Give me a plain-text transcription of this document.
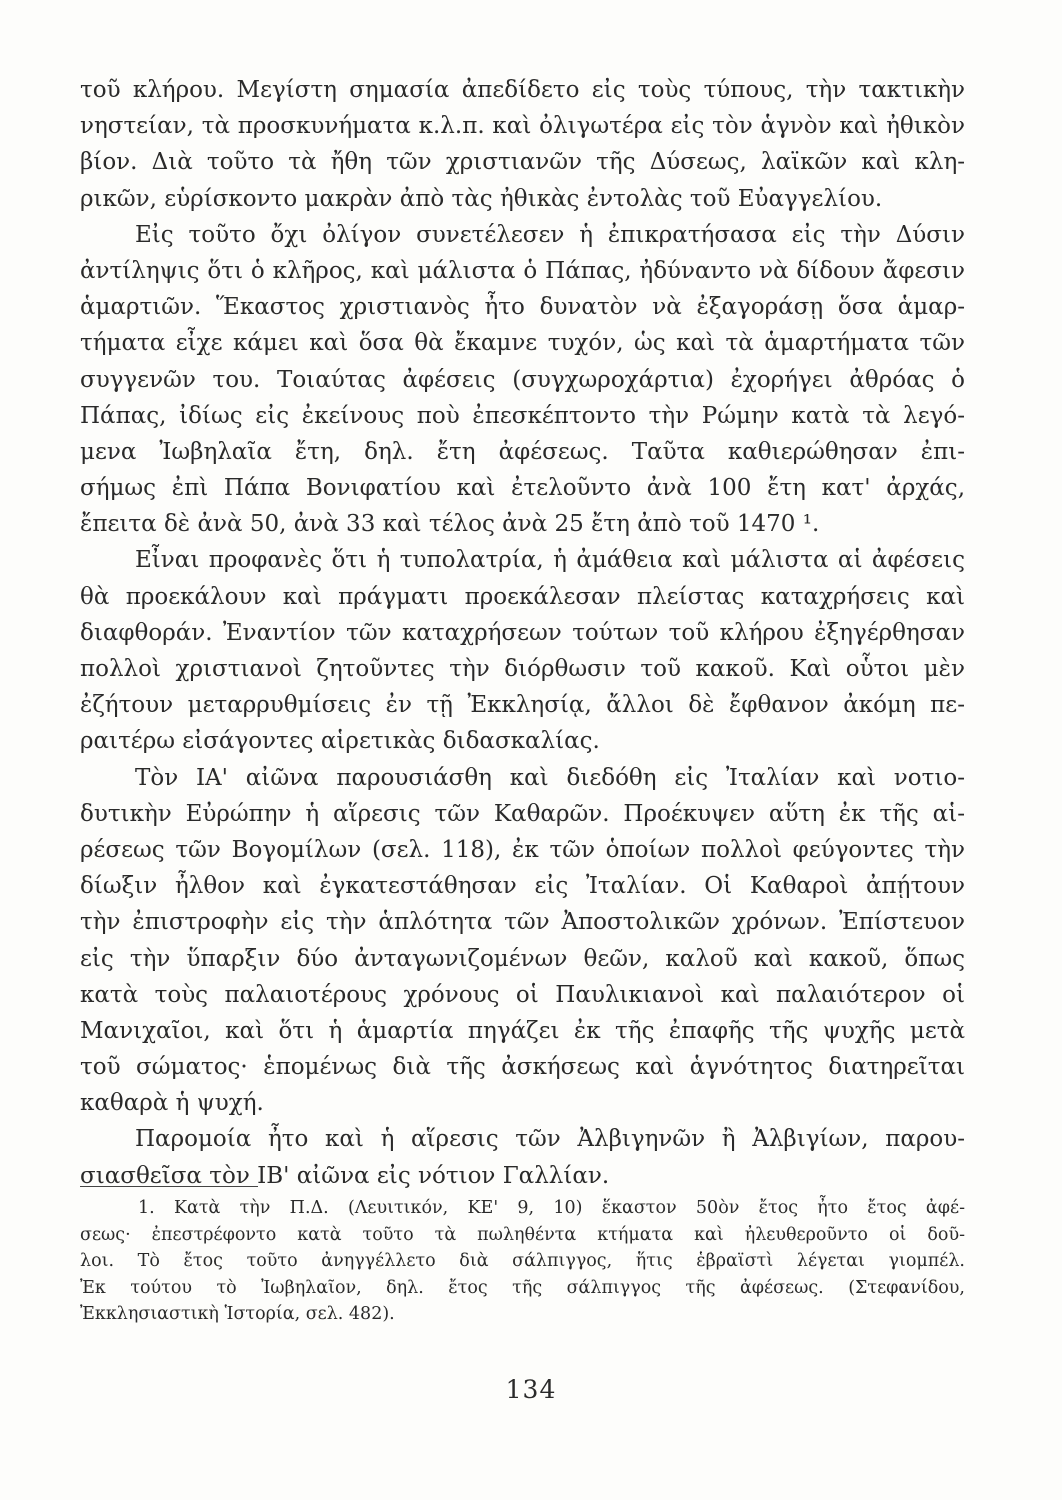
τοῦ κλήρου. Μεγίστη σημασία ἀπεδίδετο εἰς τοὺς τύπους, τὴν τακτικὴν
νηστείαν, τὰ προσκυνήματα κ.λ.π. καὶ ὀλιγωτέρα εἰς τὸν ἁγνὸν καὶ ἠθικὸν
βίον. Διὰ τοῦτο τὰ ἤθη τῶν χριστιανῶν τῆς Δύσεως, λαϊκῶν καὶ κλη-
ρικῶν, εὑρίσκοντο μακρὰν ἀπὸ τὰς ἠθικὰς ἐντολὰς τοῦ Εὐαγγελίου.
Εἰς τοῦτο ὄχι ὀλίγον συνετέλεσεν ἡ ἐπικρατήσασα εἰς τὴν Δύσιν
ἀντίληψις ὅτι ὁ κλῆρος, καὶ μάλιστα ὁ Πάπας, ἠδύναντο νὰ δίδουν ἄφεσιν
ἁμαρτιῶν. Ἕκαστος χριστιανὸς ἦτο δυνατὸν νὰ ἐξαγοράσῃ ὅσα ἁμαρ-
τήματα εἶχε κάμει καὶ ὅσα θὰ ἔκαμνε τυχόν, ὡς καὶ τὰ ἁμαρτήματα τῶν
συγγενῶν του. Τοιαύτας ἀφέσεις (συγχωροχάρτια) ἐχορήγει ἀθρόας ὁ
Πάπας, ἰδίως εἰς ἐκείνους ποὺ ἐπεσκέπτοντο τὴν Ρώμην κατὰ τὰ λεγό-
μενα Ἰωβηλαῖα ἔτη, δηλ. ἔτη ἀφέσεως. Ταῦτα καθιερώθησαν ἐπι-
σήμως ἐπὶ Πάπα Βονιφατίου καὶ ἐτελοῦντο ἀνὰ 100 ἔτη κατ' ἀρχάς,
ἔπειτα δὲ ἀνὰ 50, ἀνὰ 33 καὶ τέλος ἀνὰ 25 ἔτη ἀπὸ τοῦ 1470 ¹.
Εἶναι προφανὲς ὅτι ἡ τυπολατρία, ἡ ἀμάθεια καὶ μάλιστα αἱ ἀφέσεις
θὰ προεκάλουν καὶ πράγματι προεκάλεσαν πλείστας καταχρήσεις καὶ
διαφθοράν. Ἐναντίον τῶν καταχρήσεων τούτων τοῦ κλήρου ἐξηγέρθησαν
πολλοὶ χριστιανοὶ ζητοῦντες τὴν διόρθωσιν τοῦ κακοῦ. Καὶ οὗτοι μὲν
ἐζήτουν μεταρρυθμίσεις ἐν τῇ Ἐκκλησίᾳ, ἄλλοι δὲ ἔφθανον ἀκόμη πε-
ραιτέρω εἰσάγοντες αἱρετικὰς διδασκαλίας.
Τὸν ΙΑ' αἰῶνα παρουσιάσθη καὶ διεδόθη εἰς Ἰταλίαν καὶ νοτιο-
δυτικὴν Εὐρώπην ἡ αἵρεσις τῶν Καθαρῶν. Προέκυψεν αὕτη ἐκ τῆς αἱ-
ρέσεως τῶν Βογομίλων (σελ. 118), ἐκ τῶν ὁποίων πολλοὶ φεύγοντες τὴν
δίωξιν ἦλθον καὶ ἐγκατεστάθησαν εἰς Ἰταλίαν. Οἱ Καθαροὶ ἀπῄτουν
τὴν ἐπιστροφὴν εἰς τὴν ἁπλότητα τῶν Ἀποστολικῶν χρόνων. Ἐπίστευον
εἰς τὴν ὕπαρξιν δύο ἀνταγωνιζομένων θεῶν, καλοῦ καὶ κακοῦ, ὅπως
κατὰ τοὺς παλαιοτέρους χρόνους οἱ Παυλικιανοὶ καὶ παλαιότερον οἱ
Μανιχαῖοι, καὶ ὅτι ἡ ἁμαρτία πηγάζει ἐκ τῆς ἐπαφῆς τῆς ψυχῆς μετὰ
τοῦ σώματος· ἑπομένως διὰ τῆς ἀσκήσεως καὶ ἁγνότητος διατηρεῖται
καθαρὰ ἡ ψυχή.
Παρομοία ἦτο καὶ ἡ αἵρεσις τῶν Ἀλβιγηνῶν ἢ Ἀλβιγίων, παρου-
σιασθεῖσα τὸν ΙΒ' αἰῶνα εἰς νότιον Γαλλίαν.
1. Κατὰ τὴν Π.Δ. (Λευιτικόν, ΚΕ' 9, 10) ἕκαστον 50ὸν ἔτος ἦτο ἔτος ἀφέ-
σεως· ἐπεστρέφοντο κατὰ τοῦτο τὰ πωληθέντα κτήματα καὶ ἠλευθεροῦντο οἱ δοῦ-
λοι. Τὸ ἔτος τοῦτο ἀνηγγέλλετο διὰ σάλπιγγος, ἥτις ἑβραϊστὶ λέγεται γιομπέλ.
Ἐκ τούτου τὸ Ἰωβηλαῖον, δηλ. ἔτος τῆς σάλπιγγος τῆς ἀφέσεως. (Στεφανίδου,
Ἐκκλησιαστικὴ Ἱστορία, σελ. 482).
134
